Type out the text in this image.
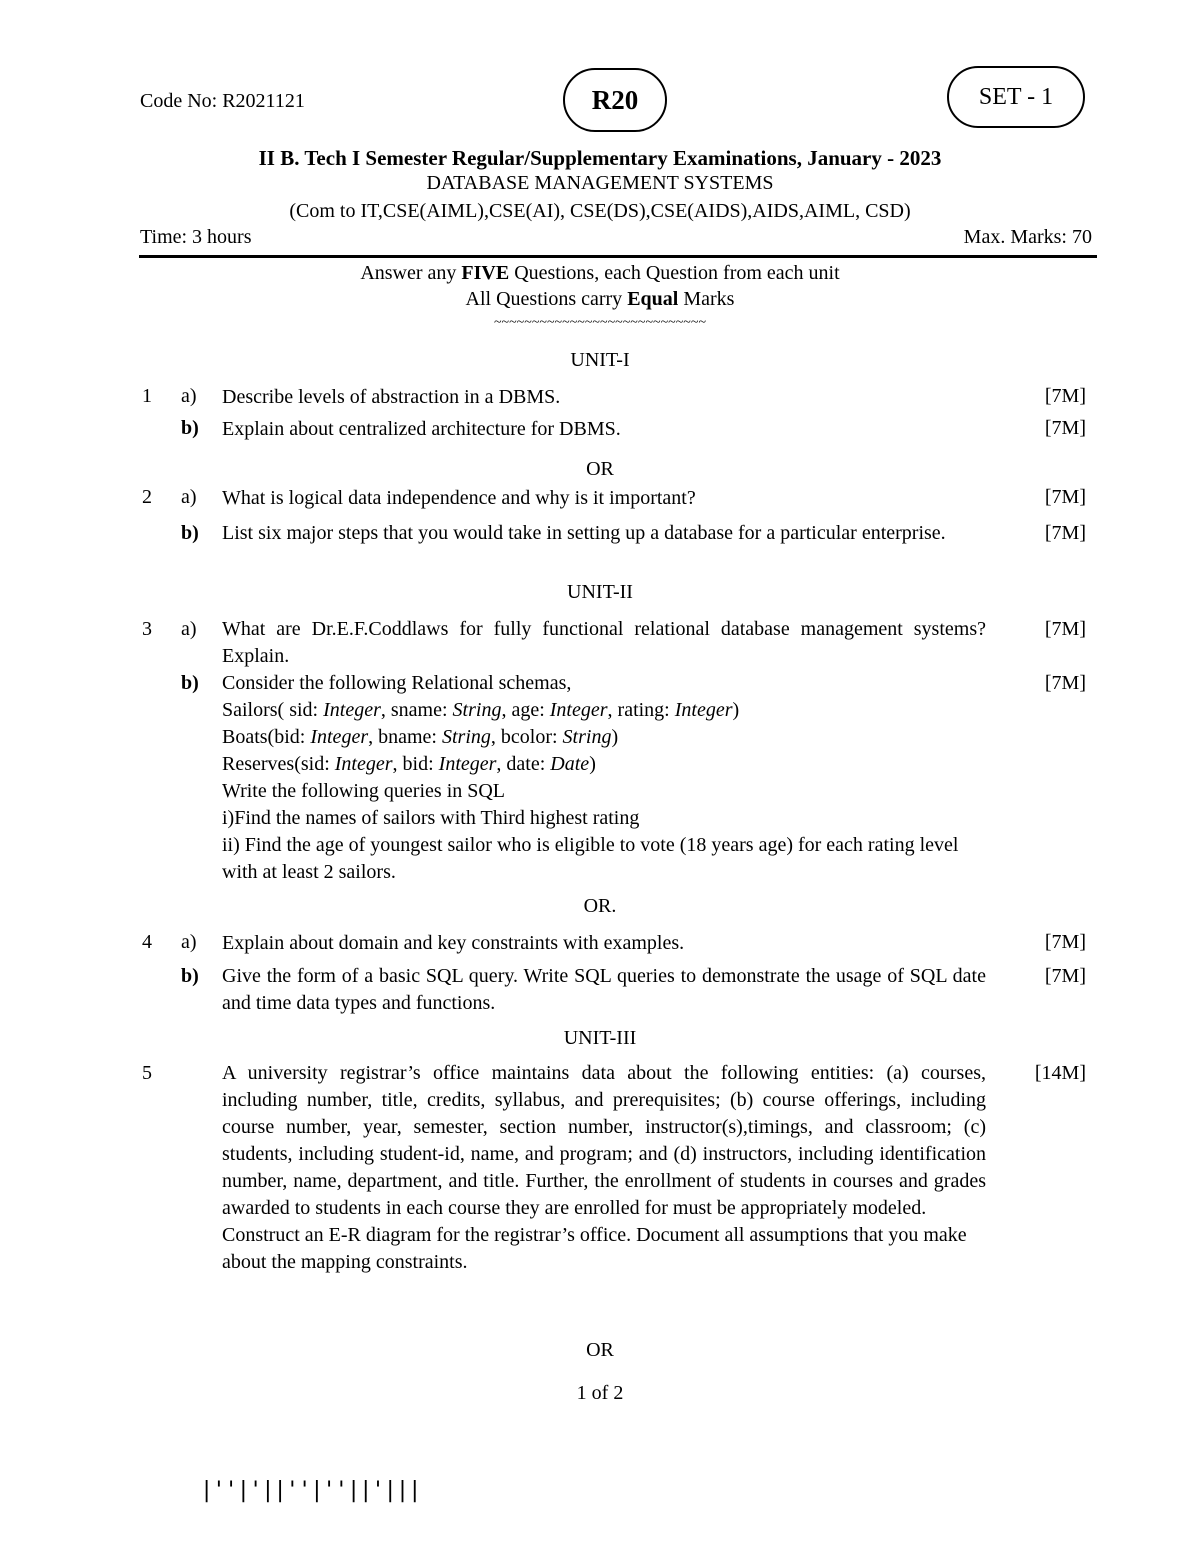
Code No: R2021121	R20	SET - 1
II B. Tech I Semester Regular/Supplementary Examinations, January - 2023
DATABASE MANAGEMENT SYSTEMS
(Com to IT,CSE(AIML),CSE(AI), CSE(DS),CSE(AIDS),AIDS,AIML, CSD)
Time: 3 hours	Max. Marks: 70
Answer any FIVE Questions, each Question from each unit
All Questions carry Equal Marks
~~~~~~~~~~~~~~~~~~~~~~~~~~~~
UNIT-I
1 a) Describe levels of abstraction in a DBMS.	[7M]
b) Explain about centralized architecture for DBMS.	[7M]
OR
2 a) What is logical data independence and why is it important?	[7M]
b) List six major steps that you would take in setting up a database for a particular enterprise.	[7M]
UNIT-II
3 a) What are Dr.E.F.Coddlaws for fully functional relational database management systems? Explain.
[7M]
b)	[7M]
Consider the following Relational schemas,
Sailors( sid: Integer, sname: String, age: Integer, rating: Integer)
Boats(bid: Integer, bname: String, bcolor: String)
Reserves(sid: Integer, bid: Integer, date: Date)
Write the following queries in SQL
i)Find the names of sailors with Third highest rating
ii) Find the age of youngest sailor who is eligible to vote (18 years age) for each rating level with at least 2 sailors.
OR.
4 a) Explain about domain and key constraints with examples.	[7M]
b) Give the form of a basic SQL query. Write SQL queries to demonstrate the usage of SQL date and time data types and functions.
[7M]
UNIT-III
5	A university registrar’s office maintains data about the following entities: (a) courses, including number, title, credits, syllabus, and prerequisites; (b) course offerings, including course number, year, semester, section number, instructor(s),timings, and classroom; (c) students, including student-id, name, and program; and (d) instructors, including identification number, name, department, and title. Further, the enrollment of students in courses and grades awarded to students in each course they are enrolled for must be appropriately modeled.
Construct an E-R diagram for the registrar’s office. Document all assumptions that you make about the mapping constraints.
[14M]
OR
1 of 2
|''|'||''|''||'|||
